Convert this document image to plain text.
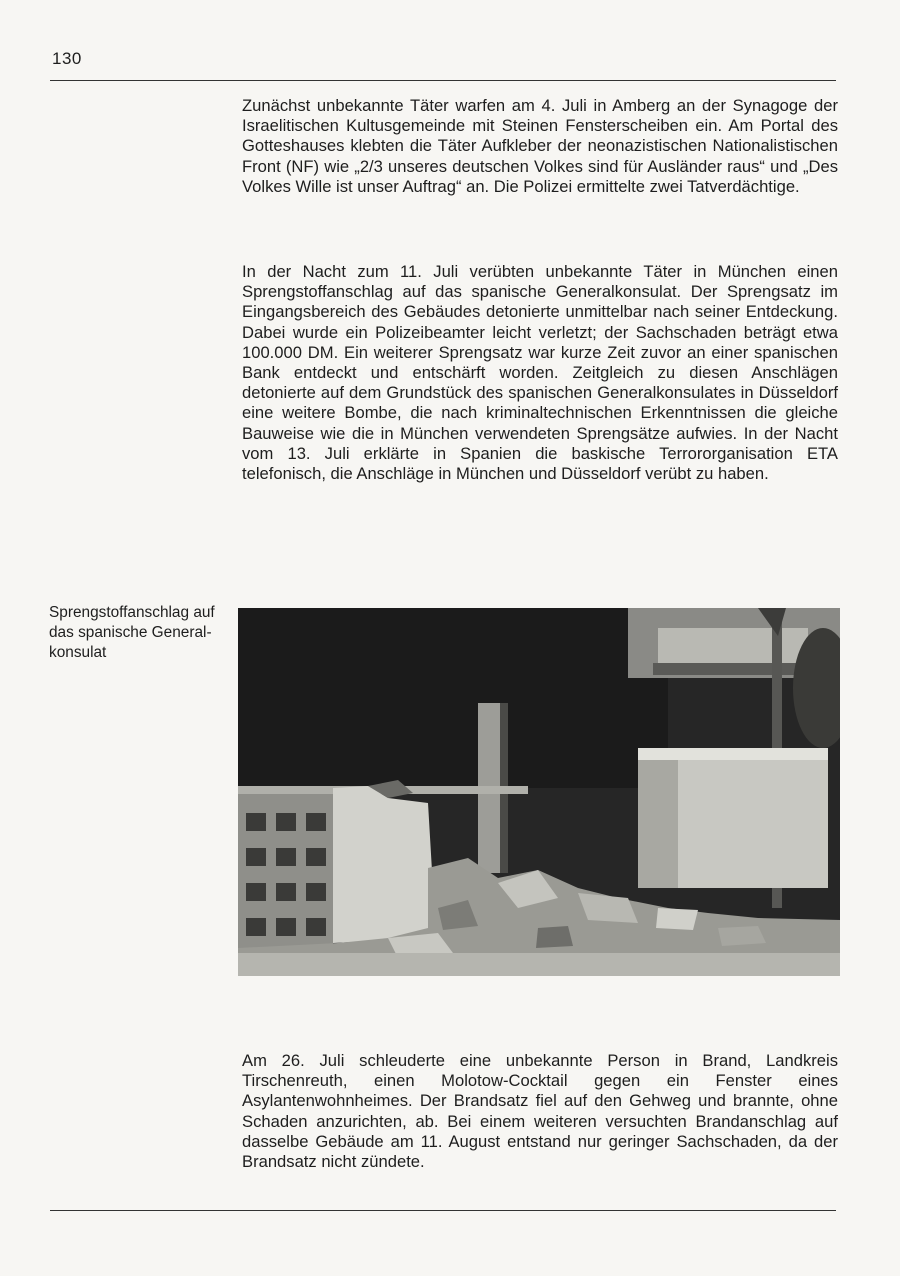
130

Zunächst unbekannte Täter warfen am 4. Juli in Amberg an der Synagoge der Israelitischen Kultusgemeinde mit Steinen Fensterscheiben ein. Am Portal des Gotteshauses klebten die Täter Aufkleber der neonazistischen Nationalistischen Front (NF) wie „2/3 unseres deutschen Volkes sind für Ausländer raus“ und „Des Volkes Wille ist unser Auftrag“ an. Die Polizei ermittelte zwei Tatverdächtige.

In der Nacht zum 11. Juli verübten unbekannte Täter in München einen Sprengstoffanschlag auf das spanische Generalkonsulat. Der Sprengsatz im Eingangsbereich des Gebäudes detonierte unmittelbar nach seiner Entdeckung. Dabei wurde ein Polizeibeamter leicht verletzt; der Sachschaden beträgt etwa 100.000 DM. Ein weiterer Sprengsatz war kurze Zeit zuvor an einer spanischen Bank entdeckt und entschärft worden. Zeitgleich zu diesen Anschlägen detonierte auf dem Grundstück des spanischen Generalkonsulates in Düsseldorf eine weitere Bombe, die nach kriminaltechnischen Erkenntnissen die gleiche Bauweise wie die in München verwendeten Sprengsätze aufwies. In der Nacht vom 13. Juli erklärte in Spanien die baskische Terrororganisation ETA telefonisch, die Anschläge in München und Düsseldorf verübt zu haben.

Sprengstoffanschlag auf das spanische Generalkonsulat

Am 26. Juli schleuderte eine unbekannte Person in Brand, Landkreis Tirschenreuth, einen Molotow-Cocktail gegen ein Fenster eines Asylantenwohnheimes. Der Brandsatz fiel auf den Gehweg und brannte, ohne Schaden anzurichten, ab. Bei einem weiteren versuchten Brandanschlag auf dasselbe Gebäude am 11. August entstand nur geringer Sachschaden, da der Brandsatz nicht zündete.
